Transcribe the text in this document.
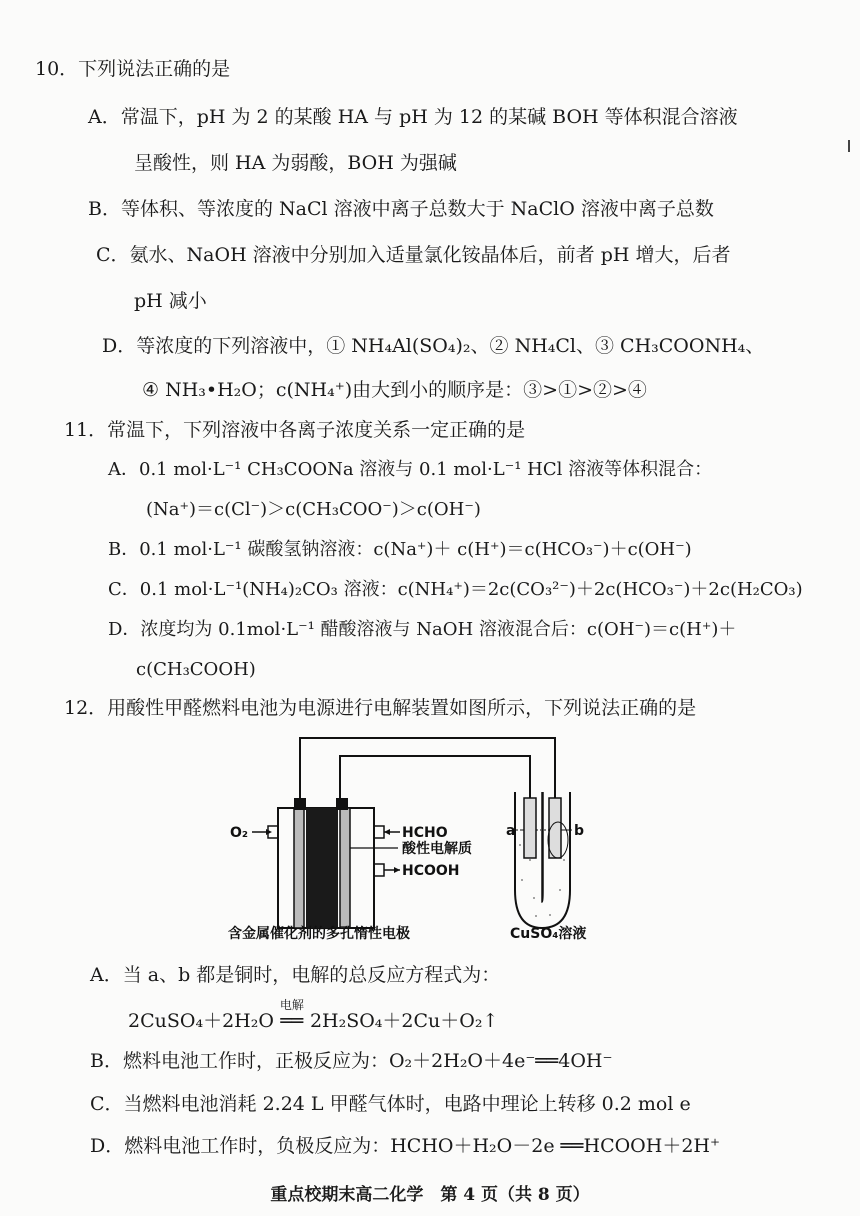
10．下列说法正确的是
A．常温下，pH 为 2 的某酸 HA 与 pH 为 12 的某碱 BOH 等体积混合溶液
呈酸性，则 HA 为弱酸，BOH 为强碱
B．等体积、等浓度的 NaCl 溶液中离子总数大于 NaClO 溶液中离子总数
C．氨水、NaOH 溶液中分别加入适量氯化铵晶体后，前者 pH 增大，后者
pH 减小
D．等浓度的下列溶液中，① NH₄Al(SO₄)₂、② NH₄Cl、③ CH₃COONH₄、
④ NH₃•H₂O；c(NH₄⁺)由大到小的顺序是：③>①>②>④
11．常温下，下列溶液中各离子浓度关系一定正确的是
A．0.1 mol·L⁻¹ CH₃COONa 溶液与 0.1 mol·L⁻¹ HCl 溶液等体积混合：
(Na⁺)＝c(Cl⁻)＞c(CH₃COO⁻)＞c(OH⁻)
B．0.1 mol·L⁻¹ 碳酸氢钠溶液：c(Na⁺)＋ c(H⁺)＝c(HCO₃⁻)＋c(OH⁻)
C．0.1 mol·L⁻¹(NH₄)₂CO₃ 溶液：c(NH₄⁺)＝2c(CO₃²⁻)＋2c(HCO₃⁻)＋2c(H₂CO₃)
D．浓度均为 0.1mol·L⁻¹ 醋酸溶液与 NaOH 溶液混合后：c(OH⁻)＝c(H⁺)＋
c(CH₃COOH)
12．用酸性甲醛燃料电池为电源进行电解装置如图所示，下列说法正确的是
O₂	HCHO
酸性电解质
HCOOH
a	b
含金属催化剂的多孔惰性电极	CuSO₄溶液
A．当 a、b 都是铜时，电解的总反应方程式为：
2CuSO₄＋2H₂O
电解
══ 2H₂SO₄＋2Cu＋O₂↑
B．燃料电池工作时，正极反应为：O₂＋2H₂O＋4e⁻══4OH⁻
C．当燃料电池消耗 2.24 L 甲醛气体时，电路中理论上转移 0.2 mol e
D．燃料电池工作时，负极反应为：HCHO＋H₂O－2e ══HCOOH＋2H⁺
重点校期末高二化学　第 4 页（共 8 页）
